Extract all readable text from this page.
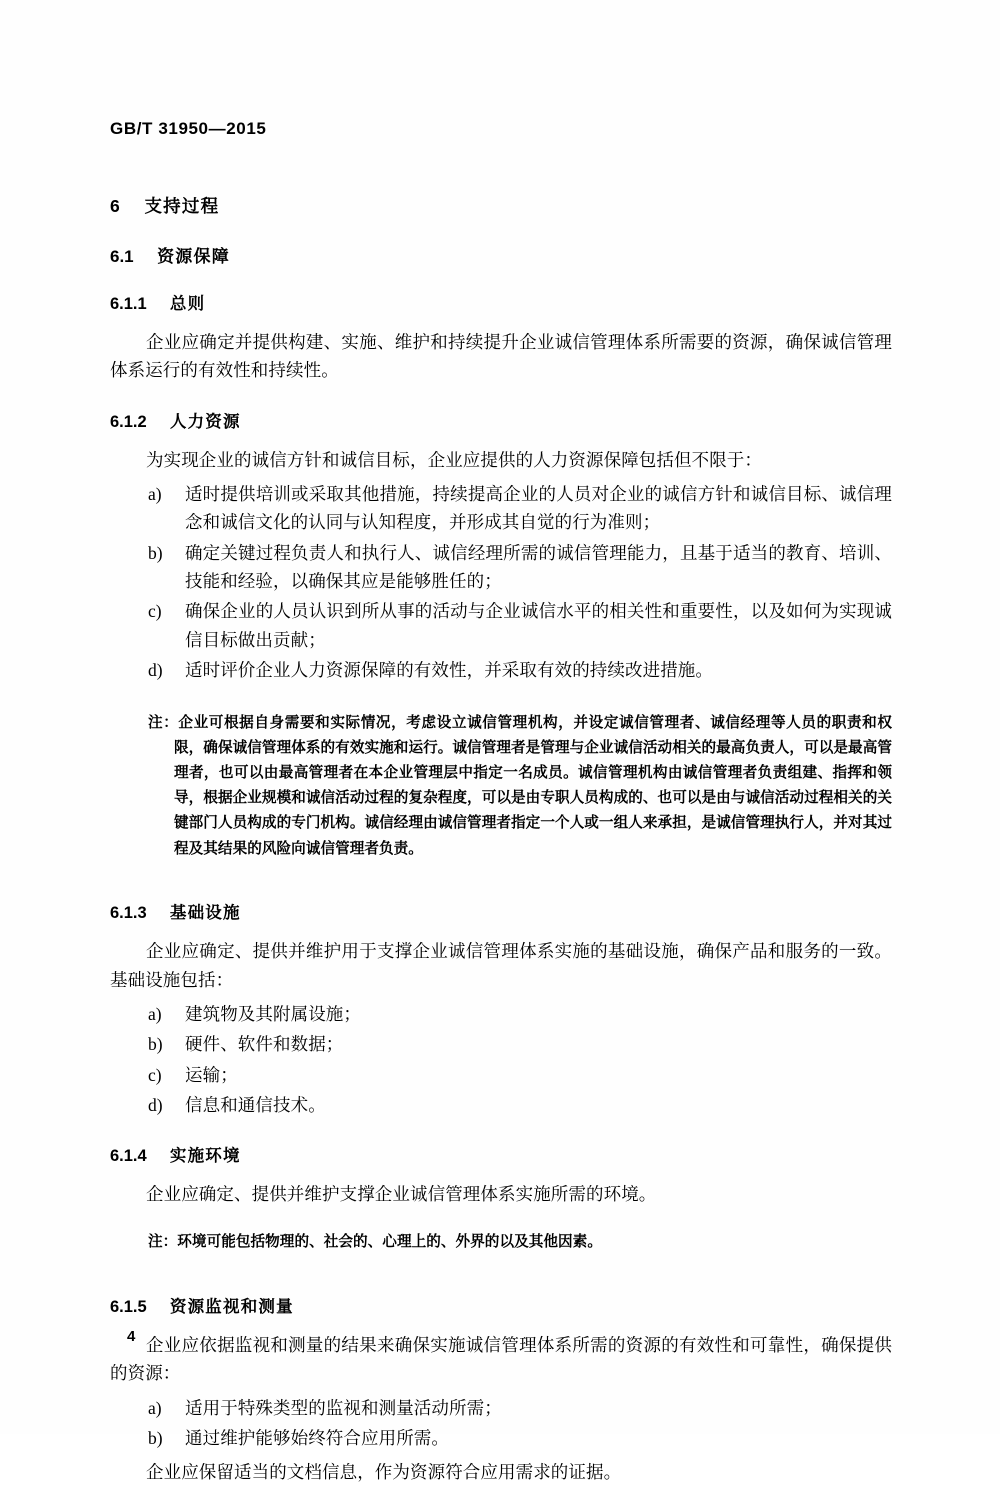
GB/T 31950—2015
6 支持过程
6.1 资源保障
6.1.1 总则

企业应确定并提供构建、实施、维护和持续提升企业诚信管理体系所需要的资源，确保诚信管理体系运行的有效性和持续性。

6.1.2 人力资源

为实现企业的诚信方针和诚信目标，企业应提供的人力资源保障包括但不限于：

a)	适时提供培训或采取其他措施，持续提高企业的人员对企业的诚信方针和诚信目标、诚信理念和诚信文化的认同与认知程度，并形成其自觉的行为准则；
b)	确定关键过程负责人和执行人、诚信经理所需的诚信管理能力，且基于适当的教育、培训、技能和经验，以确保其应是能够胜任的；
c)	确保企业的人员认识到所从事的活动与企业诚信水平的相关性和重要性，以及如何为实现诚信目标做出贡献；
d)	适时评价企业人力资源保障的有效性，并采取有效的持续改进措施。

注：企业可根据自身需要和实际情况，考虑设立诚信管理机构，并设定诚信管理者、诚信经理等人员的职责和权限，确保诚信管理体系的有效实施和运行。诚信管理者是管理与企业诚信活动相关的最高负责人，可以是最高管理者，也可以由最高管理者在本企业管理层中指定一名成员。诚信管理机构由诚信管理者负责组建、指挥和领导，根据企业规模和诚信活动过程的复杂程度，可以是由专职人员构成的、也可以是由与诚信活动过程相关的关键部门人员构成的专门机构。诚信经理由诚信管理者指定一个人或一组人来承担，是诚信管理执行人，并对其过程及其结果的风险向诚信管理者负责。

6.1.3 基础设施

企业应确定、提供并维护用于支撑企业诚信管理体系实施的基础设施，确保产品和服务的一致。基础设施包括：

a)	建筑物及其附属设施；
b)	硬件、软件和数据；
c)	运输；
d)	信息和通信技术。
6.1.4 实施环境

企业应确定、提供并维护支撑企业诚信管理体系实施所需的环境。

注：环境可能包括物理的、社会的、心理上的、外界的以及其他因素。

6.1.5 资源监视和测量

企业应依据监视和测量的结果来确保实施诚信管理体系所需的资源的有效性和可靠性，确保提供的资源：

a)	适用于特殊类型的监视和测量活动所需；
b)	通过维护能够始终符合应用所需。

企业应保留适当的文档信息，作为资源符合应用需求的证据。

4
